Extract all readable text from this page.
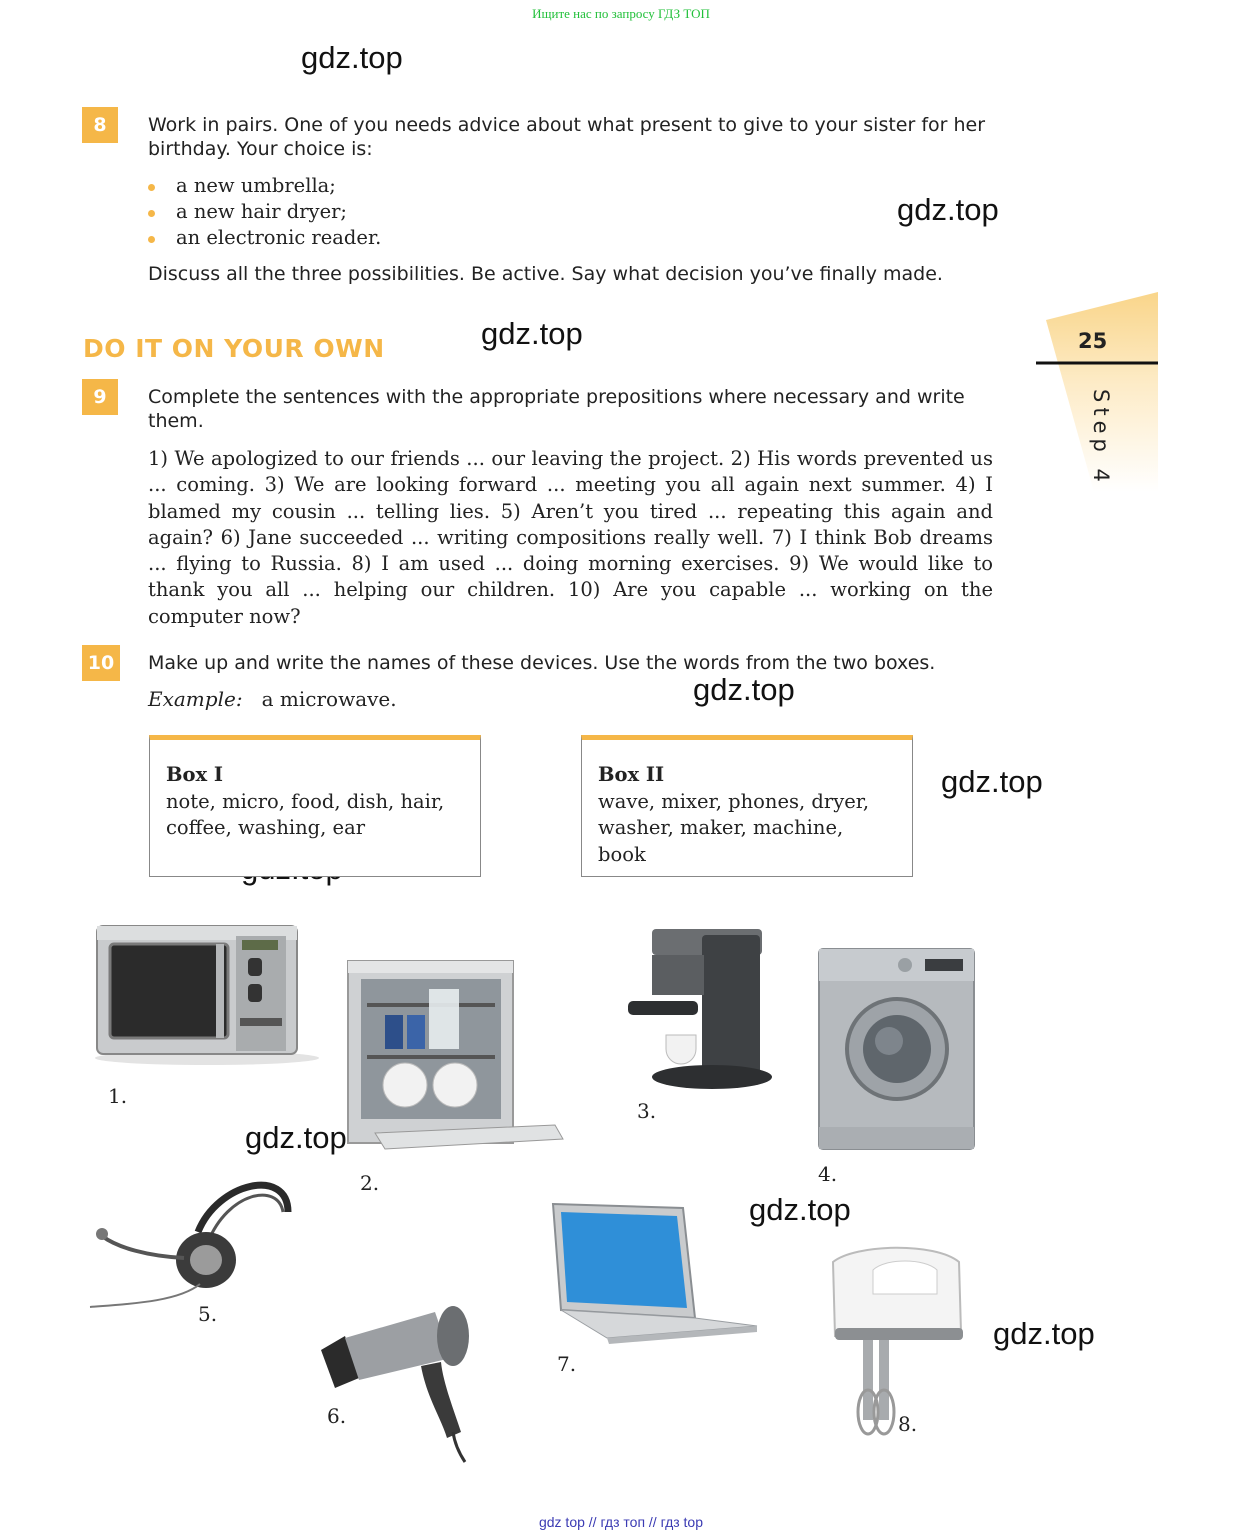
Ищите нас по запросу ГДЗ ТОП
gdz.top
gdz.top
gdz.top
gdz.top
gdz.top
gdz.top
gdz.top
gdz.top
8	Work in pairs. One of you needs advice about what present to give to your sister for her birthday. Your choice is:
a new umbrella;
a new hair dryer;
an electronic reader.
Discuss all the three possibilities. Be active. Say what decision you’ve finally made.
DO IT ON YOUR OWN	25
Step 4
9	Complete the sentences with the appropriate prepositions where necessary and write them.
1) We apologized to our friends ... our leaving the project. 2) His words prevented us ... coming. 3) We are looking forward ... meeting you all again next summer. 4) I blamed my cousin ... telling lies. 5) Aren’t you tired ... repeating this again and again? 6) Jane succeeded ... writing compositions really well. 7) I think Bob dreams ... flying to Russia. 8) I am used ... doing morning exercises. 9) We would like to thank you all ... helping our children. 10) Are you capable ... working on the computer now?
10	Make up and write the names of these devices. Use the words from the two boxes.
Example: a microwave.
Box I
note, micro, food, dish, hair, coffee, washing, ear
Box II
wave, mixer, phones, dryer, washer, maker, machine, book
1.
2.
3.
4.
5.
6.
7.
8.
gdz top // гдз топ // гдз top
